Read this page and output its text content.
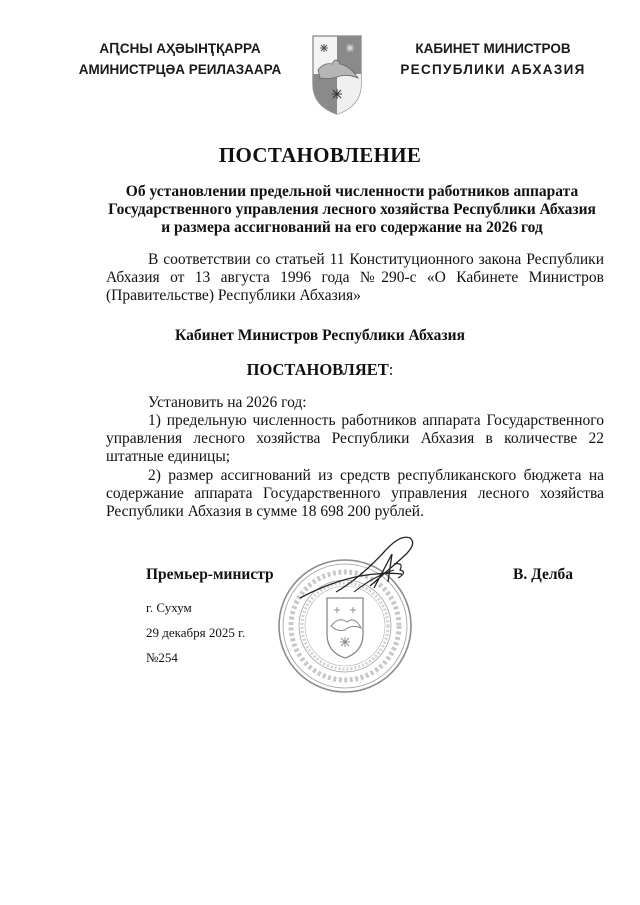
АԤСНЫ АҲӘЫНҬҚАРРА
АМИНИСТРЦӘА РЕИЛАЗААРА
КАБИНЕТ МИНИСТРОВ
РЕСПУБЛИКИ АБХАЗИЯ
ПОСТАНОВЛЕНИЕ
Об установлении предельной численности работников аппарата
Государственного управления лесного хозяйства Республики Абхазия
и размера ассигнований на его содержание на 2026 год
В соответствии со статьей 11 Конституционного закона Республики Абхазия от 13 августа 1996 года №290-с «О Кабинете Министров (Правительстве) Республики Абхазия»
Кабинет Министров Республики Абхазия
ПОСТАНОВЛЯЕТ:
Установить на 2026 год:
1) предельную численность работников аппарата Государственного управления лесного хозяйства Республики Абхазия в количестве 22 штатные единицы;
2) размер ассигнований из средств республиканского бюджета на содержание аппарата Государственного управления лесного хозяйства Республики Абхазия в сумме 18 698 200 рублей.
Премьер-министр	В. Делба
г. Сухум
29 декабря 2025 г.
№254
